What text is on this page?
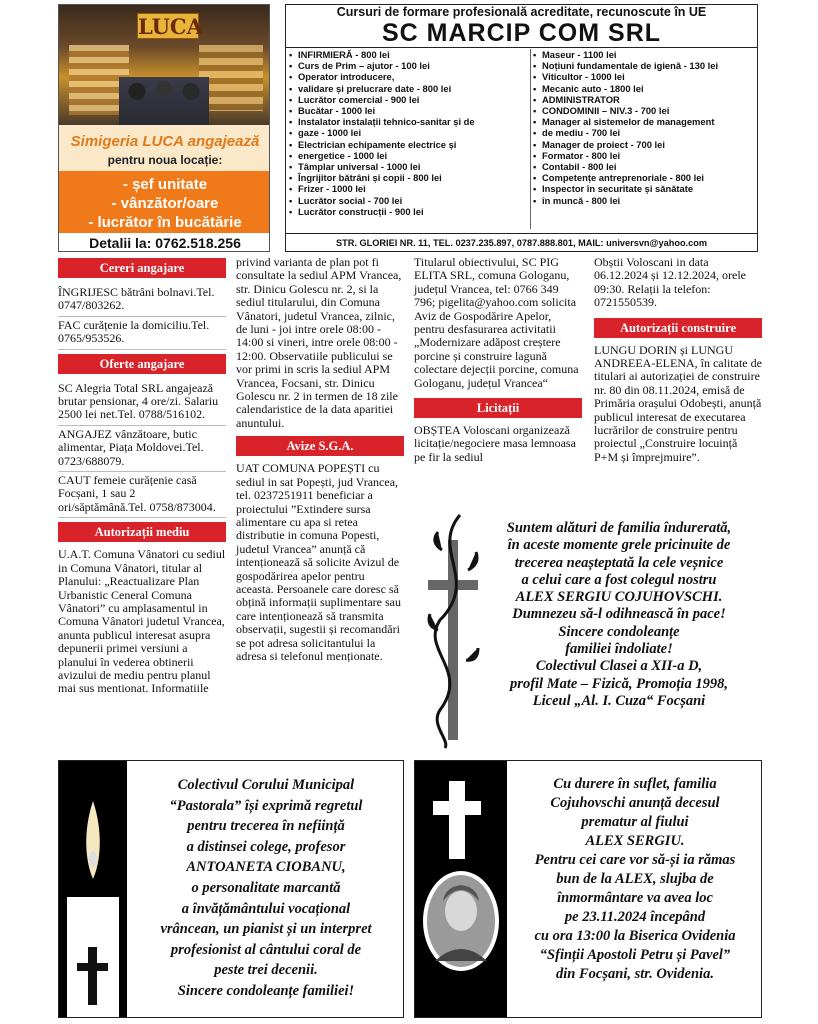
LUCA
Simigeria LUCA angajează
pentru noua locație:
- șef unitate
- vânzător/oare
- lucrător în bucătărie
Detalii la: 0762.518.256
Cursuri de formare profesională acreditate, recunoscute în UE
SC MARCIP COM SRL
• INFIRMIERĂ - 800 lei
• Curs de Prim – ajutor - 100 lei
• Operator introducere,
• validare și prelucrare date - 800 lei
• Lucrător comercial - 900 lei
• Bucătar - 1000 lei
• Instalator instalații tehnico-sanitar și de
• gaze - 1000 lei
• Electrician echipamente electrice și
• energetice - 1000 lei
• Tâmplar universal - 1000 lei
• Îngrijitor bătrâni și copii - 800 lei
• Frizer - 1000 lei
• Lucrător social - 700 lei
• Lucrător construcții - 900 lei
• Maseur - 1100 lei
• Noțiuni fundamentale de igienă - 130 lei
• Viticultor - 1000 lei
• Mecanic auto - 1800 lei
• ADMINISTRATOR
• CONDOMINII – NIV.3 - 700 lei
• Manager al sistemelor de management
• de mediu - 700 lei
• Manager de proiect - 700 lei
• Formator - 800 lei
• Contabil - 800 lei
• Competențe antreprenoriale - 800 lei
• Inspector în securitate și sănătate
• în muncă - 800 lei
STR. GLORIEI NR. 11, TEL. 0237.235.897, 0787.888.801, MAIL: universvn@yahoo.com
Cereri angajare
ÎNGRIJESC bătrâni bolnavi.Tel. 0747/803262.
FAC curățenie la domiciliu.Tel. 0765/953526.
Oferte angajare
SC Alegria Total SRL angajează brutar pensionar, 4 ore/zi. Salariu 2500 lei net.Tel. 0788/516102.
ANGAJEZ vânzătoare, butic alimentar, Piața Moldovei.Tel. 0723/688079.
CAUT femeie curățenie casă Focșani, 1 sau 2 ori/săptămână.Tel. 0758/873004.
Autorizații mediu
U.A.T. Comuna Vânatori cu sediul in Comuna Vânatori, titular al Planului: „Reactualizare Plan Urbanistic Ceneral Comuna Vânatori” cu amplasamentul in Comuna Vânatori judetul Vrancea, anunta publicul interesat asupra depunerii primei versiuni a planului în vederea obtinerii avizului de mediu pentru planul mai sus mentionat. Informatiile
privind varianta de plan pot fi consultate la sediul APM Vrancea, str. Dinicu Golescu nr. 2, si la sediul titularului, din Comuna Vânatori, judetul Vrancea, zilnic, de luni - joi intre orele 08:00 - 14:00 si vineri, intre orele 08:00 - 12:00. Observatiile publicului se vor primi in scris la sediul APM Vrancea, Focsani, str. Dinicu Golescu nr. 2 in termen de 18 zile calendaristice de la data aparitiei anuntului.
Avize S.G.A.
UAT COMUNA POPEȘTI cu sediul in sat Popești, jud Vrancea, tel. 0237251911 beneficiar a proiectului ”Extindere sursa alimentare cu apa si retea distributie in comuna Popesti, judetul Vrancea” anunță că intenționează să solicite Avizul de gospodărirea apelor pentru aceasta. Persoanele care doresc să obțină informații suplimentare sau care intenționează să transmita observații, sugestii și recomandări se pot adresa solicitantului la adresa si telefonul menționate.
Titularul obiectivului, SC PIG ELITA SRL, comuna Gologanu, județul Vrancea, tel: 0766 349 796; pigelita@yahoo.com solicita Aviz de Gospodărire Apelor, pentru desfasurarea activitatii „Modernizare adăpost creștere porcine și construire lagună colectare dejecții porcine, comuna Gologanu, județul Vrancea“
Licitații
OBȘTEA Voloscani organizează licitație/negociere masa lemnoasa pe fir la sediul
Obștii Voloscani in data 06.12.2024 și 12.12.2024, orele 09:30. Relații la telefon: 0721550539.
Autorizații construire
LUNGU DORIN și LUNGU ANDREEA-ELENA, în calitate de titulari ai autorizației de construire nr. 80 din 08.11.2024, emisă de Primăria orașului Odobești, anunță publicul interesat de executarea lucrărilor de construire pentru proiectul „Construire locuință P+M și împrejmuire”.
Suntem alături de familia îndurerată,
în aceste momente grele pricinuite de
trecerea neașteptată la cele veșnice
a celui care a fost colegul nostru
ALEX SERGIU COJUHOVSCHI.
Dumnezeu să-l odihnească în pace!
Sincere condoleanțe
familiei îndoliate!
Colectivul Clasei a XII-a D,
profil Mate – Fizică, Promoția 1998,
Liceul „Al. I. Cuza“ Focșani
Colectivul Corului Municipal
“Pastorala” își exprimă regretul
pentru trecerea în neființă
a distinsei colege, profesor
ANTOANETA CIOBANU,
o personalitate marcantă
a învățământului vocațional
vrâncean, un pianist și un interpret
profesionist al cântului coral de
peste trei decenii.
Sincere condoleanțe familiei!
Cu durere în suflet, familia
Cojuhovschi anunță decesul
prematur al fiului
ALEX SERGIU.
Pentru cei care vor să-și ia rămas
bun de la ALEX, slujba de
înmormântare va avea loc
pe 23.11.2024 începând
cu ora 13:00 la Biserica Ovidenia
“Sfinții Apostoli Petru și Pavel”
din Focșani, str. Ovidenia.
